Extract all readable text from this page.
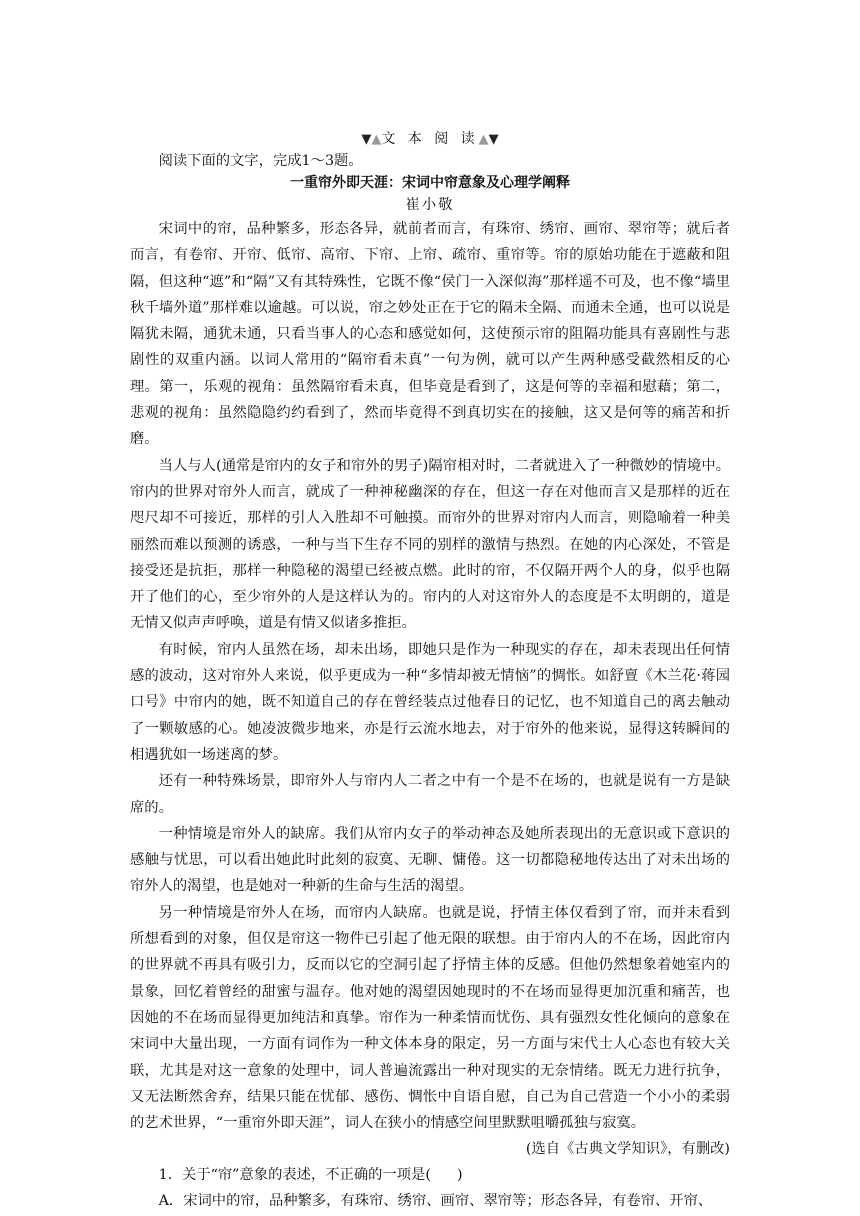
▼▲文 本 阅 读▲▼
阅读下面的文字，完成1～3题。
一重帘外即天涯：宋词中帘意象及心理学阐释
崔小敬

宋词中的帘，品种繁多，形态各异，就前者而言，有珠帘、绣帘、画帘、翠帘等；就后者而言，有卷帘、开帘、低帘、高帘、下帘、上帘、疏帘、重帘等。帘的原始功能在于遮蔽和阻隔，但这种“遮”和“隔”又有其特殊性，它既不像“侯门一入深似海”那样遥不可及，也不像“墙里秋千墙外道”那样难以逾越。可以说，帘之妙处正在于它的隔未全隔、而通未全通，也可以说是隔犹未隔，通犹未通，只看当事人的心态和感觉如何，这使预示帘的阻隔功能具有喜剧性与悲剧性的双重内涵。以词人常用的“隔帘看未真”一句为例，就可以产生两种感受截然相反的心理。第一，乐观的视角：虽然隔帘看未真，但毕竟是看到了，这是何等的幸福和慰藉；第二，悲观的视角：虽然隐隐约约看到了，然而毕竟得不到真切实在的接触，这又是何等的痛苦和折磨。

当人与人(通常是帘内的女子和帘外的男子)隔帘相对时，二者就进入了一种微妙的情境中。帘内的世界对帘外人而言，就成了一种神秘幽深的存在，但这一存在对他而言又是那样的近在咫尺却不可接近，那样的引人入胜却不可触摸。而帘外的世界对帘内人而言，则隐喻着一种美丽然而难以预测的诱惑，一种与当下生存不同的别样的激情与热烈。在她的内心深处，不管是接受还是抗拒，那样一种隐秘的渴望已经被点燃。此时的帘，不仅隔开两个人的身，似乎也隔开了他们的心，至少帘外的人是这样认为的。帘内的人对这帘外人的态度是不太明朗的，道是无情又似声声呼唤，道是有情又似诸多推拒。

有时候，帘内人虽然在场，却未出场，即她只是作为一种现实的存在，却未表现出任何情感的波动，这对帘外人来说，似乎更成为一种“多情却被无情恼”的惆怅。如舒亶《木兰花·蒋园口号》中帘内的她，既不知道自己的存在曾经装点过他春日的记忆，也不知道自己的离去触动了一颗敏感的心。她凌波微步地来，亦是行云流水地去，对于帘外的他来说，显得这转瞬间的相遇犹如一场迷离的梦。

还有一种特殊场景，即帘外人与帘内人二者之中有一个是不在场的，也就是说有一方是缺席的。

一种情境是帘外人的缺席。我们从帘内女子的举动神态及她所表现出的无意识或下意识的感触与忧思，可以看出她此时此刻的寂寞、无聊、慵倦。这一切都隐秘地传达出了对未出场的帘外人的渴望，也是她对一种新的生命与生活的渴望。

另一种情境是帘外人在场，而帘内人缺席。也就是说，抒情主体仅看到了帘，而并未看到所想看到的对象，但仅是帘这一物件已引起了他无限的联想。由于帘内人的不在场，因此帘内的世界就不再具有吸引力，反而以它的空洞引起了抒情主体的反感。但他仍然想象着她室内的景象，回忆着曾经的甜蜜与温存。他对她的渴望因她现时的不在场而显得更加沉重和痛苦，也因她的不在场而显得更加纯洁和真挚。帘作为一种柔情而忧伤、具有强烈女性化倾向的意象在宋词中大量出现，一方面有词作为一种文体本身的限定，另一方面与宋代士人心态也有较大关联，尤其是对这一意象的处理中，词人普遍流露出一种对现实的无奈情绪。既无力进行抗争，又无法断然舍弃，结果只能在忧郁、感伤、惆怅中自语自慰，自己为自己营造一个小小的柔弱的艺术世界，“一重帘外即天涯”，词人在狭小的情感空间里默默咀嚼孤独与寂寞。

(选自《古典文学知识》，有删改)

1．关于“帘”意象的表述，不正确的一项是( )

A．宋词中的帘，品种繁多，有珠帘、绣帘、画帘、翠帘等；形态各异，有卷帘、开帘、
